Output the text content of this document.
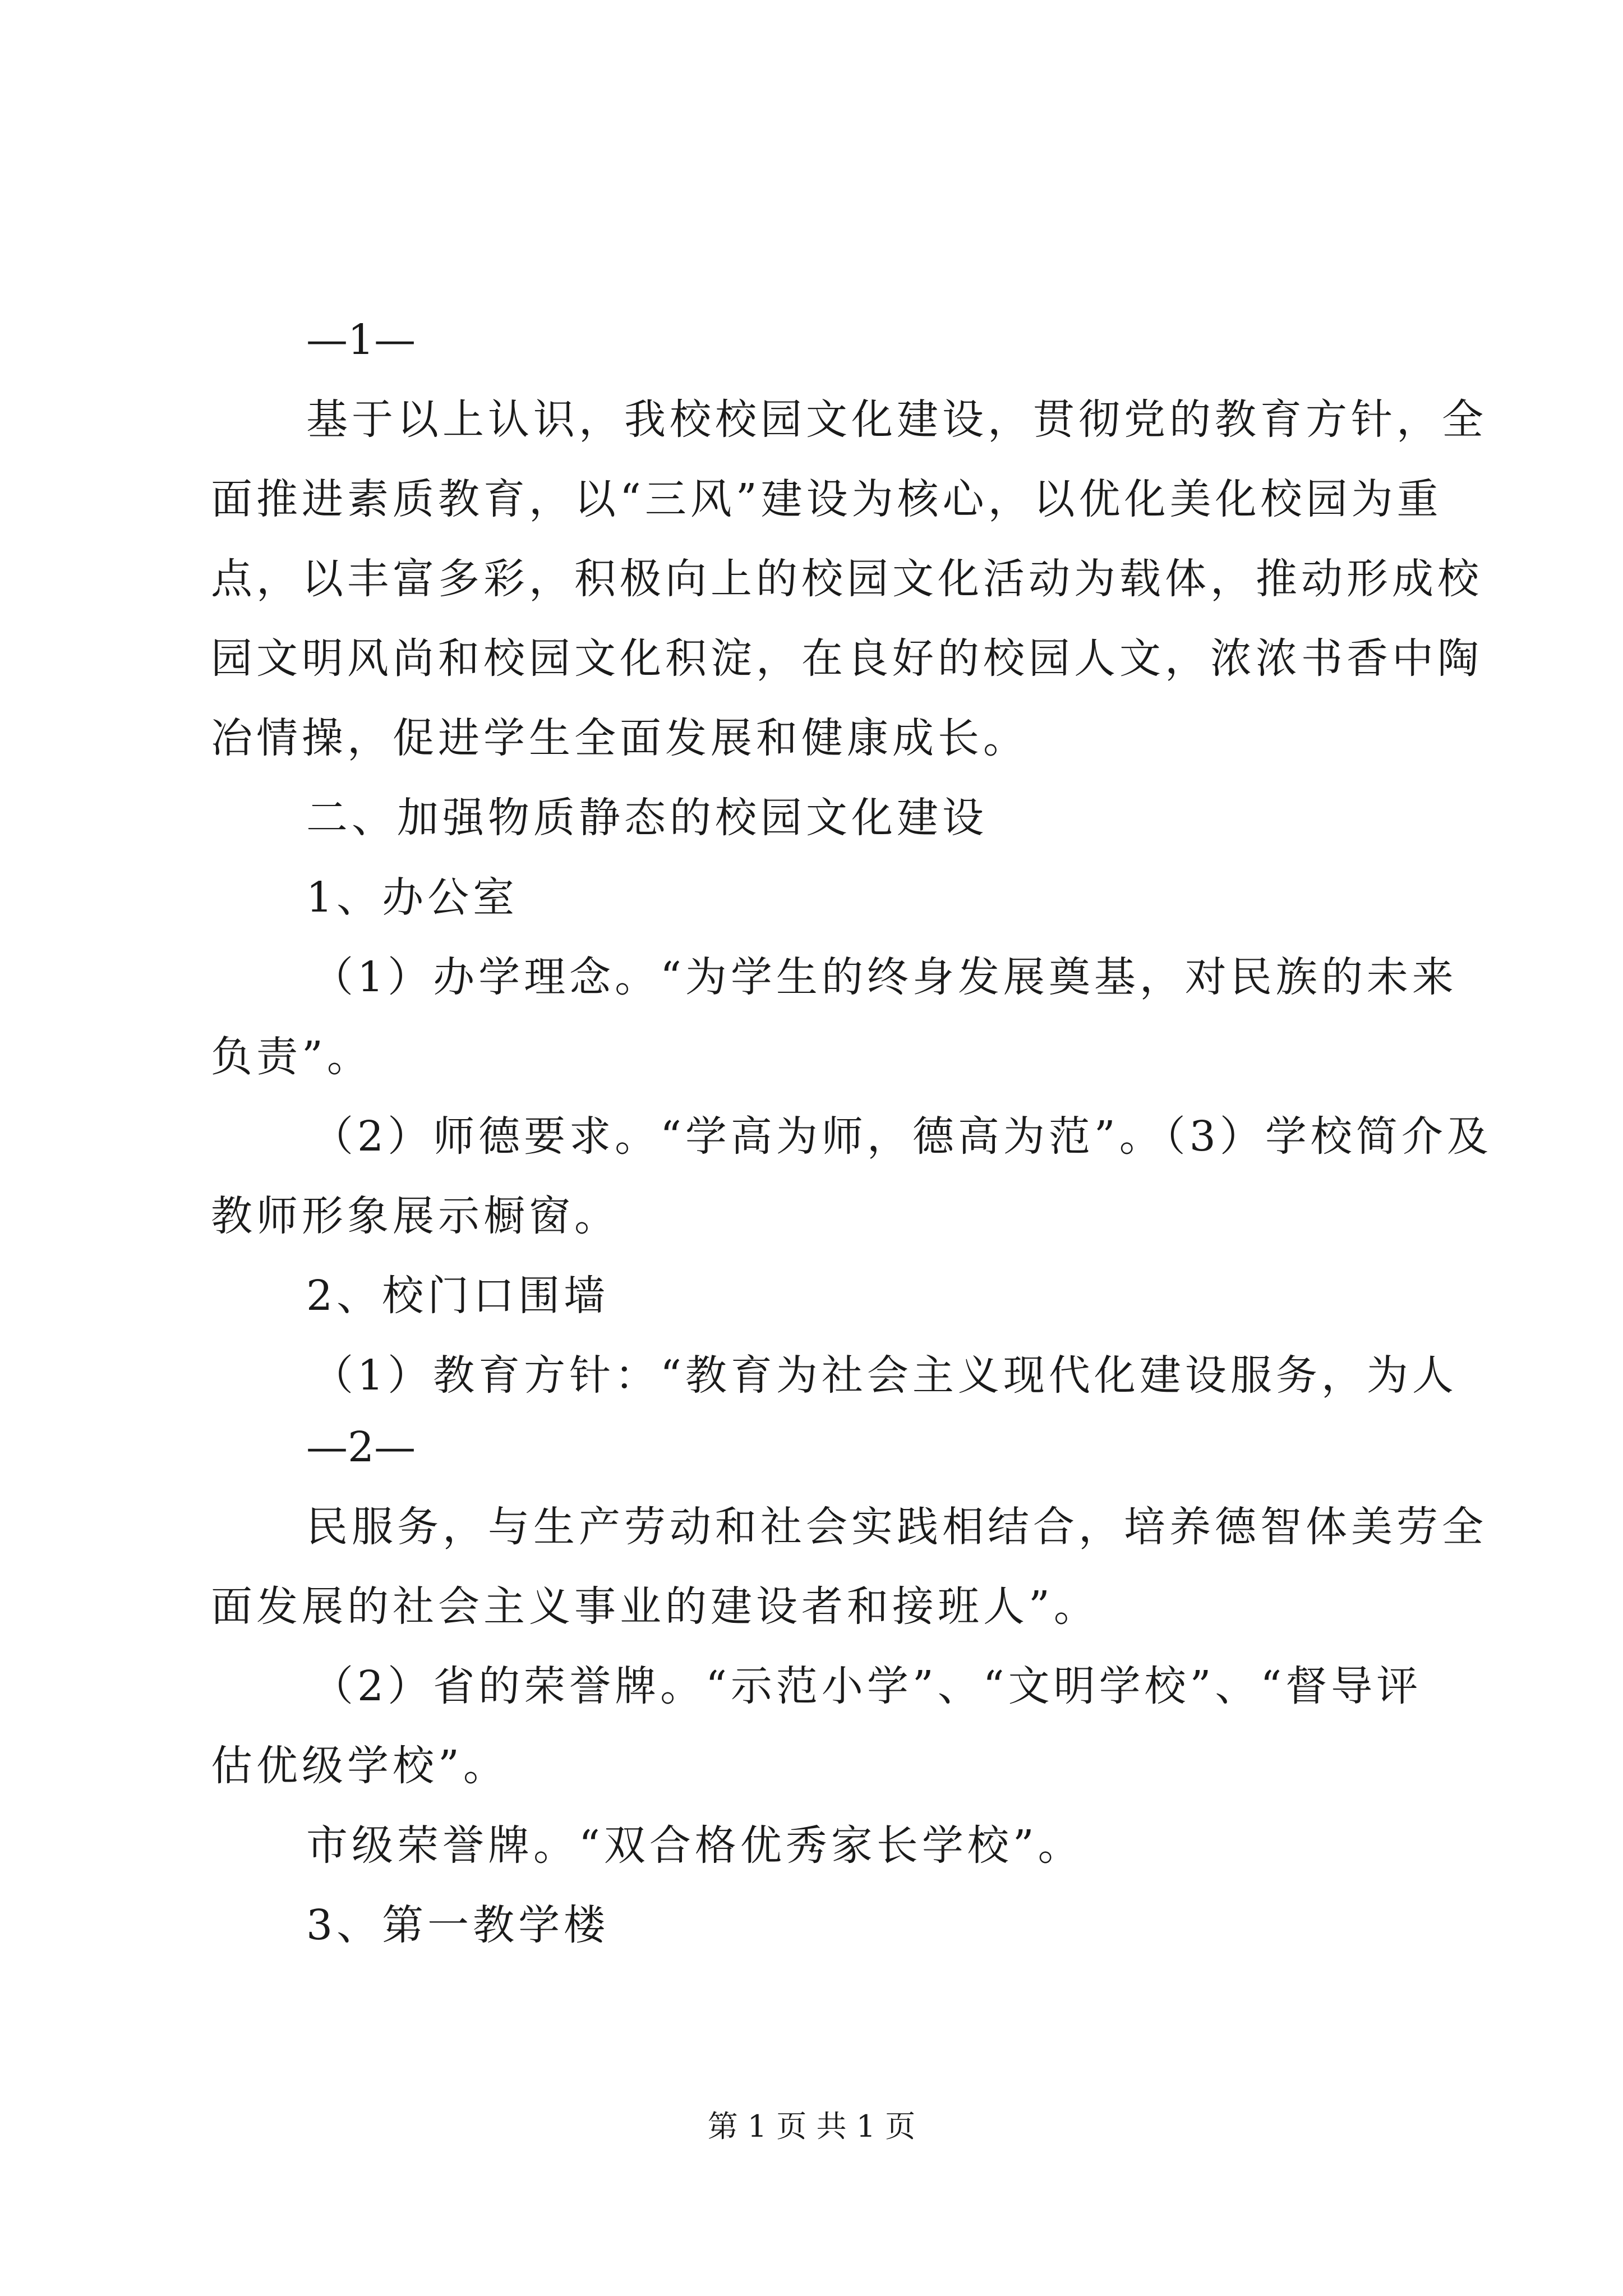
—1—
基于以上认识，我校校园文化建设，贯彻党的教育方针，全
面推进素质教育，以“三风”建设为核心，以优化美化校园为重
点，以丰富多彩，积极向上的校园文化活动为载体，推动形成校
园文明风尚和校园文化积淀，在良好的校园人文，浓浓书香中陶
冶情操，促进学生全面发展和健康成长。
二、加强物质静态的校园文化建设
1、办公室
（1）办学理念。“为学生的终身发展奠基，对民族的未来
负责”。
（2）师德要求。“学高为师，德高为范”。（3）学校简介及
教师形象展示橱窗。
2、校门口围墙
（1）教育方针：“教育为社会主义现代化建设服务，为人
—2—
民服务，与生产劳动和社会实践相结合，培养德智体美劳全
面发展的社会主义事业的建设者和接班人”。
（2）省的荣誉牌。“示范小学”、“文明学校”、“督导评
估优级学校”。
市级荣誉牌。“双合格优秀家长学校”。
3、第一教学楼
第 1 页 共 1 页
